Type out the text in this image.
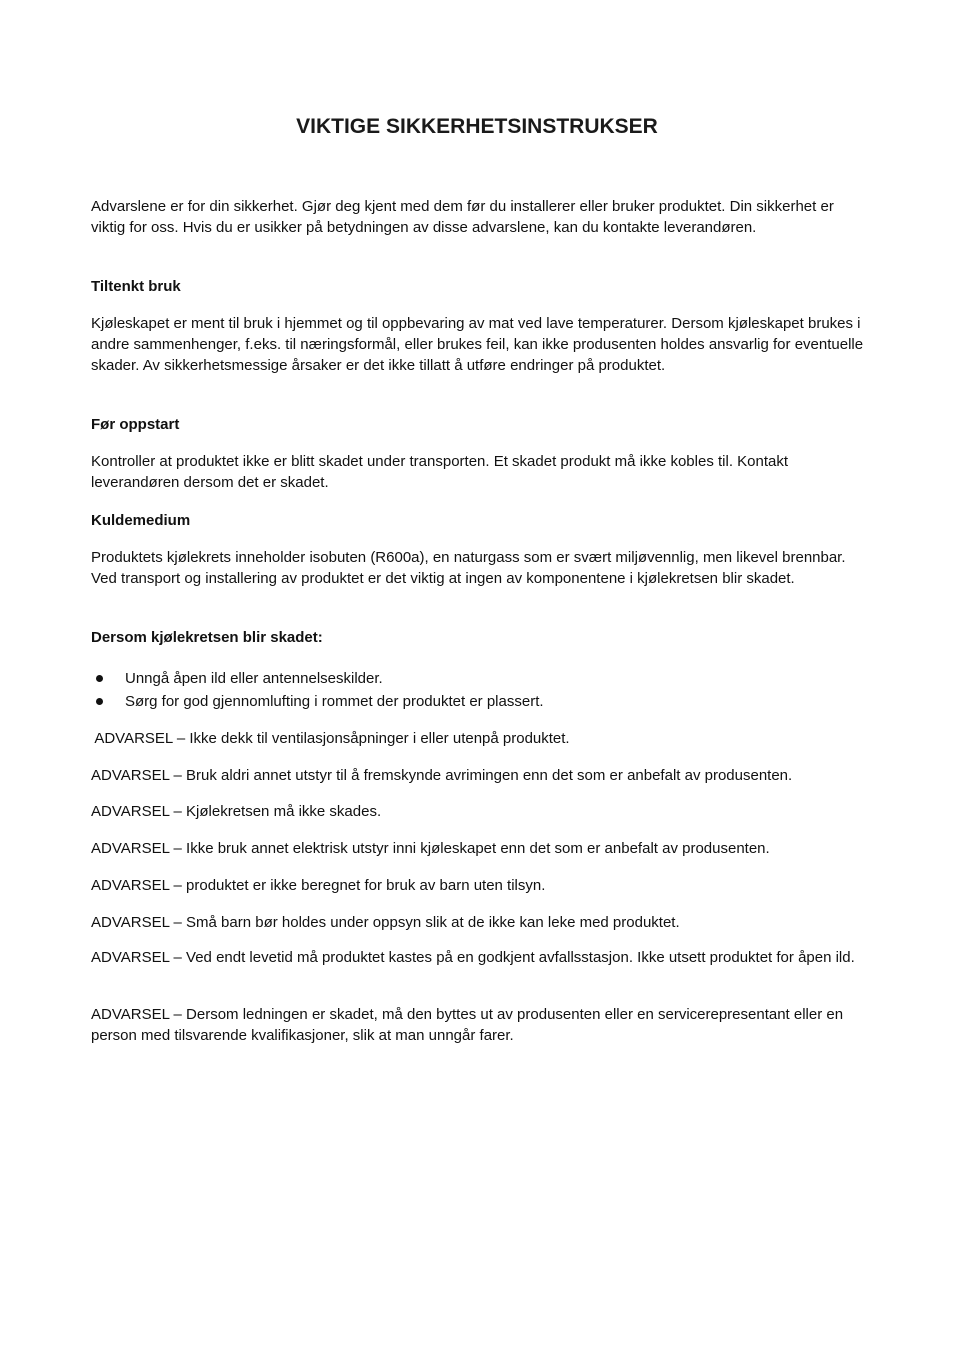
VIKTIGE SIKKERHETSINSTRUKSER
Advarslene er for din sikkerhet. Gjør deg kjent med dem før du installerer eller bruker produktet. Din sikkerhet er viktig for oss. Hvis du er usikker på betydningen av disse advarslene, kan du kontakte leverandøren.
Tiltenkt bruk
Kjøleskapet er ment til bruk i hjemmet og til oppbevaring av mat ved lave temperaturer. Dersom kjøleskapet brukes i andre sammenhenger, f.eks. til næringsformål, eller brukes feil, kan ikke produsenten holdes ansvarlig for eventuelle skader. Av sikkerhetsmessige årsaker er det ikke tillatt å utføre endringer på produktet.
Før oppstart
Kontroller at produktet ikke er blitt skadet under transporten. Et skadet produkt må ikke kobles til. Kontakt leverandøren dersom det er skadet.
Kuldemedium
Produktets kjølekrets inneholder isobuten (R600a), en naturgass som er svært miljøvennlig, men likevel brennbar. Ved transport og installering av produktet er det viktig at ingen av komponentene i kjølekretsen blir skadet.
Dersom kjølekretsen blir skadet:
Unngå åpen ild eller antennelseskilder.
Sørg for god gjennomlufting i rommet der produktet er plassert.
ADVARSEL – Ikke dekk til ventilasjonsåpninger i eller utenpå produktet.
ADVARSEL – Bruk aldri annet utstyr til å fremskynde avrimingen enn det som er anbefalt av produsenten.
ADVARSEL – Kjølekretsen må ikke skades.
ADVARSEL – Ikke bruk annet elektrisk utstyr inni kjøleskapet enn det som er anbefalt av produsenten.
ADVARSEL – produktet er ikke beregnet for bruk av barn uten tilsyn.
ADVARSEL – Små barn bør holdes under oppsyn slik at de ikke kan leke med produktet.
ADVARSEL – Ved endt levetid må produktet kastes på en godkjent avfallsstasjon. Ikke utsett produktet for åpen ild.
ADVARSEL – Dersom ledningen er skadet, må den byttes ut av produsenten eller en servicerepresentant eller en person med tilsvarende kvalifikasjoner, slik at man unngår farer.
